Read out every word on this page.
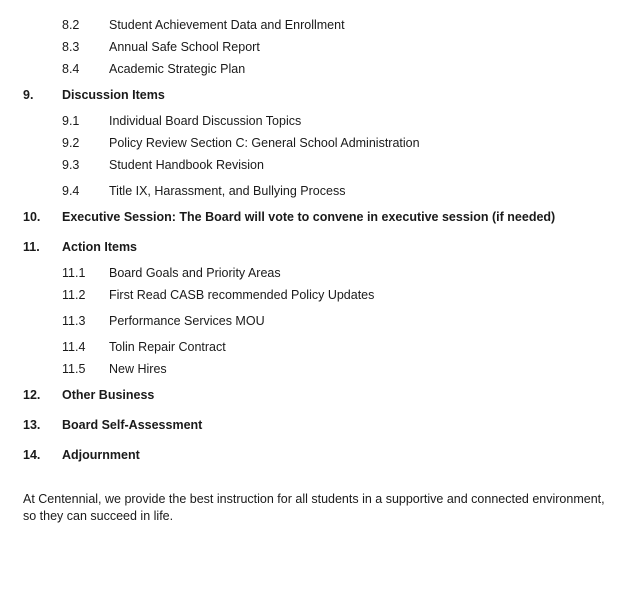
8.2 Student Achievement Data and Enrollment
8.3 Annual Safe School Report
8.4 Academic Strategic Plan
9. Discussion Items
9.1 Individual Board Discussion Topics
9.2 Policy Review Section C: General School Administration
9.3 Student Handbook Revision
9.4 Title IX, Harassment, and Bullying Process
10. Executive Session: The Board will vote to convene in executive session (if needed)
11. Action Items
11.1 Board Goals and Priority Areas
11.2 First Read CASB recommended Policy Updates
11.3 Performance Services MOU
11.4 Tolin Repair Contract
11.5 New Hires
12. Other Business
13. Board Self-Assessment
14. Adjournment
At Centennial, we provide the best instruction for all students in a supportive and connected environment, so they can succeed in life.
